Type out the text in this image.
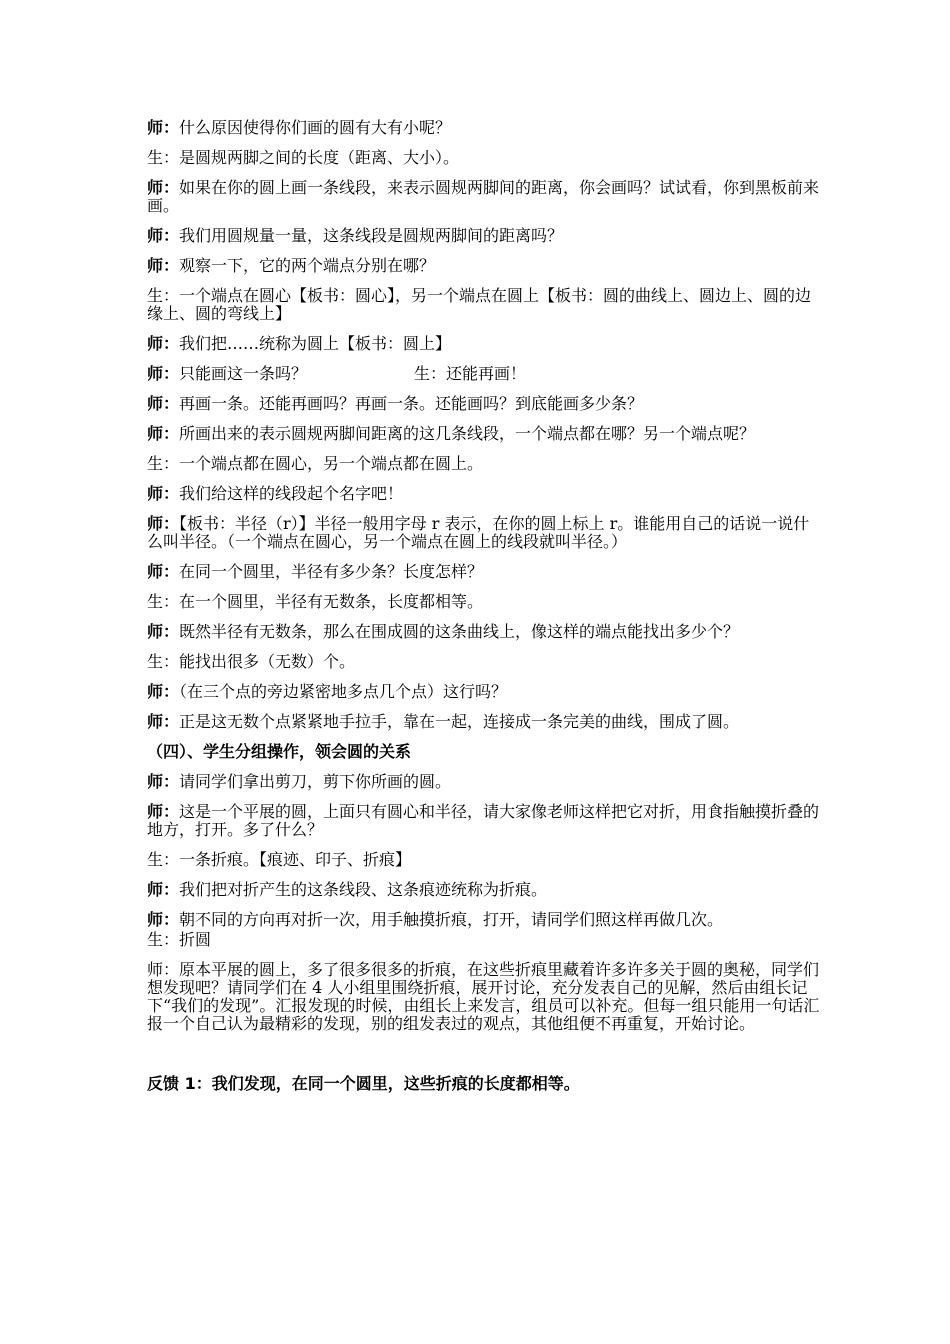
师：什么原因使得你们画的圆有大有小呢？
生：是圆规两脚之间的长度（距离、大小）。
师：如果在你的圆上画一条线段，来表示圆规两脚间的距离，你会画吗？试试看，你到黑板前来画。
师：我们用圆规量一量，这条线段是圆规两脚间的距离吗？
师：观察一下，它的两个端点分别在哪？
生：一个端点在圆心【板书：圆心】，另一个端点在圆上【板书：圆的曲线上、圆边上、圆的边缘上、圆的弯线上】
师：我们把……统称为圆上【板书：圆上】
师：只能画这一条吗？	生：还能再画！
师：再画一条。还能再画吗？再画一条。还能画吗？到底能画多少条？
师：所画出来的表示圆规两脚间距离的这几条线段，一个端点都在哪？另一个端点呢？
生：一个端点都在圆心，另一个端点都在圆上。
师：我们给这样的线段起个名字吧！
师：【板书：半径（r）】半径一般用字母 r 表示，在你的圆上标上 r。谁能用自己的话说一说什么叫半径。（一个端点在圆心，另一个端点在圆上的线段就叫半径。）
师：在同一个圆里，半径有多少条？长度怎样？
生：在一个圆里，半径有无数条，长度都相等。
师：既然半径有无数条，那么在围成圆的这条曲线上，像这样的端点能找出多少个？
生：能找出很多（无数）个。
师：（在三个点的旁边紧密地多点几个点）这行吗？
师：正是这无数个点紧紧地手拉手，靠在一起，连接成一条完美的曲线，围成了圆。
（四）、学生分组操作，领会圆的关系
师：请同学们拿出剪刀，剪下你所画的圆。
师：这是一个平展的圆，上面只有圆心和半径，请大家像老师这样把它对折，用食指触摸折叠的地方，打开。多了什么？
生：一条折痕。【痕迹、印子、折痕】
师：我们把对折产生的这条线段、这条痕迹统称为折痕。
师：朝不同的方向再对折一次，用手触摸折痕，打开，请同学们照这样再做几次。
生：折圆
师：原本平展的圆上，多了很多很多的折痕，在这些折痕里藏着许多许多关于圆的奥秘，同学们想发现吧？请同学们在 4 人小组里围绕折痕，展开讨论，充分发表自己的见解，然后由组长记下“我们的发现”。汇报发现的时候，由组长上来发言，组员可以补充。但每一组只能用一句话汇报一个自己认为最精彩的发现，别的组发表过的观点，其他组便不再重复，开始讨论。
反馈 1：我们发现，在同一个圆里，这些折痕的长度都相等。
